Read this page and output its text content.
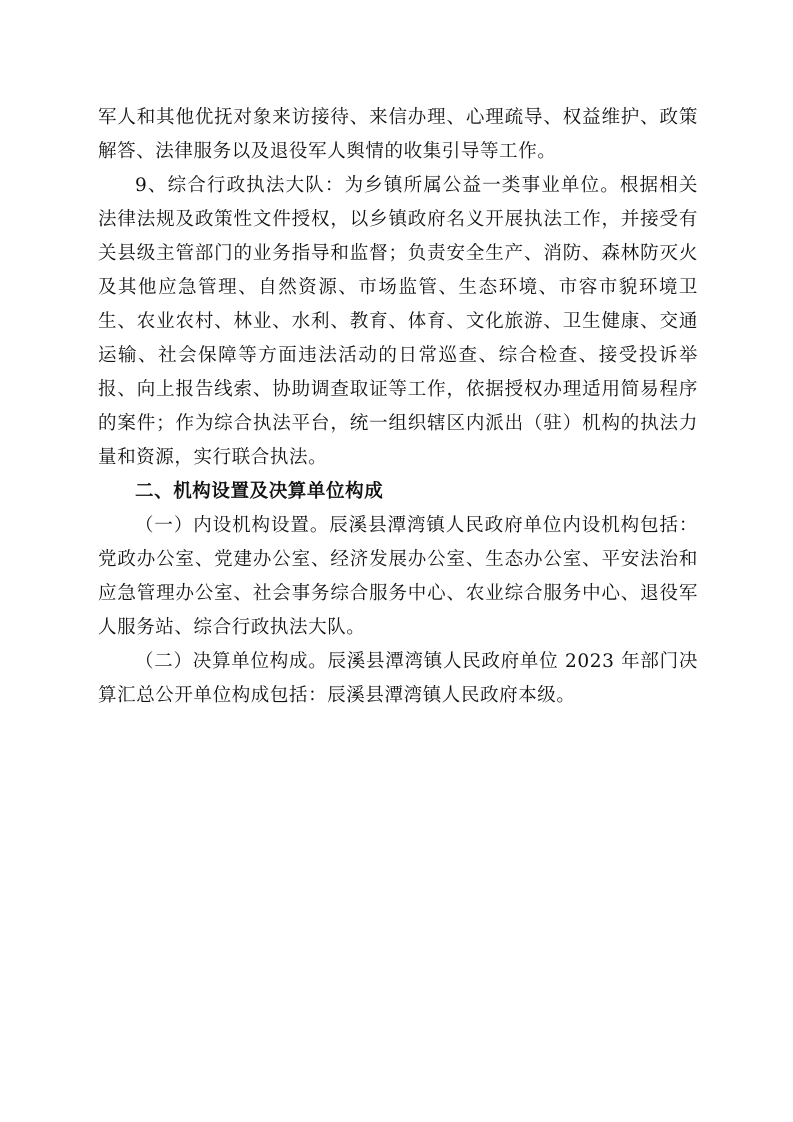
军人和其他优抚对象来访接待、来信办理、心理疏导、权益维护、政策解答、法律服务以及退役军人舆情的收集引导等工作。

9、综合行政执法大队：为乡镇所属公益一类事业单位。根据相关法律法规及政策性文件授权，以乡镇政府名义开展执法工作，并接受有关县级主管部门的业务指导和监督；负责安全生产、消防、森林防灭火及其他应急管理、自然资源、市场监管、生态环境、市容市貌环境卫生、农业农村、林业、水利、教育、体育、文化旅游、卫生健康、交通运输、社会保障等方面违法活动的日常巡查、综合检查、接受投诉举报、向上报告线索、协助调查取证等工作，依据授权办理适用简易程序的案件；作为综合执法平台，统一组织辖区内派出（驻）机构的执法力量和资源，实行联合执法。

二、机构设置及决算单位构成

（一）内设机构设置。辰溪县潭湾镇人民政府单位内设机构包括：党政办公室、党建办公室、经济发展办公室、生态办公室、平安法治和应急管理办公室、社会事务综合服务中心、农业综合服务中心、退役军人服务站、综合行政执法大队。

（二）决算单位构成。辰溪县潭湾镇人民政府单位 2023 年部门决算汇总公开单位构成包括：辰溪县潭湾镇人民政府本级。
